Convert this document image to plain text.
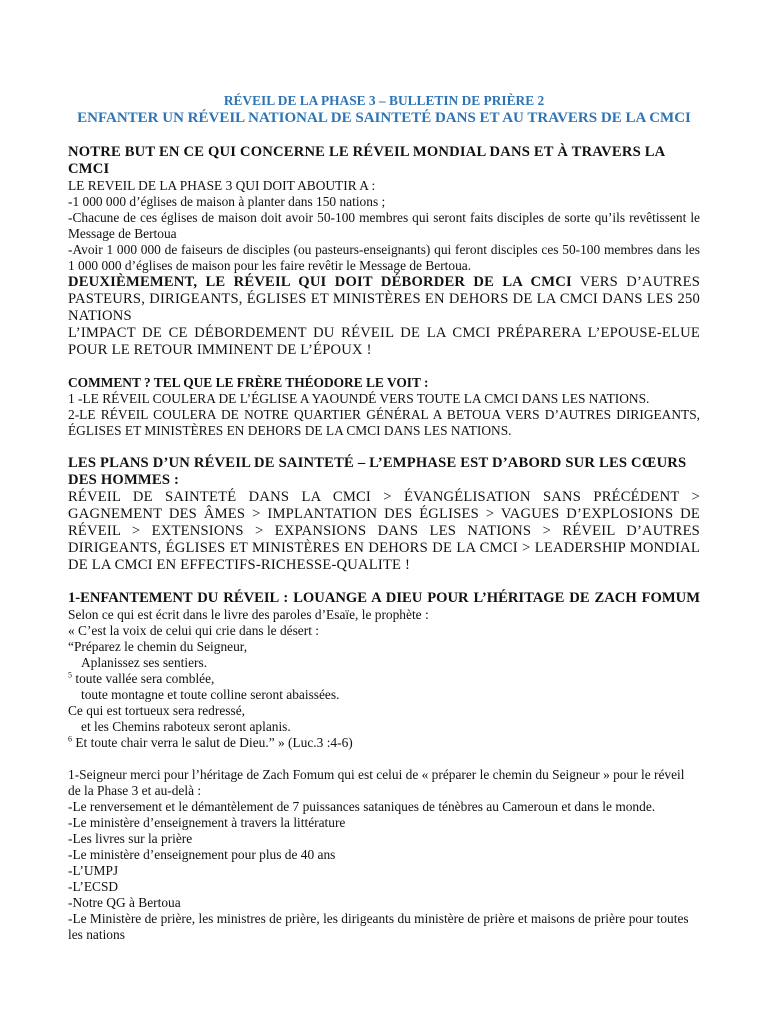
RÉVEIL DE LA PHASE 3 – BULLETIN DE PRIÈRE 2

ENFANTER UN RÉVEIL NATIONAL DE SAINTETÉ DANS ET AU TRAVERS DE LA CMCI

NOTRE BUT EN CE QUI CONCERNE LE RÉVEIL MONDIAL DANS ET À TRAVERS LA CMCI

LE REVEIL DE LA PHASE 3 QUI DOIT ABOUTIR A :

-1 000 000 d’églises de maison à planter dans 150 nations ;

-Chacune de ces églises de maison doit avoir 50-100 membres qui seront faits disciples de sorte qu’ils revêtissent le Message de Bertoua

-Avoir 1 000 000 de faiseurs de disciples (ou pasteurs-enseignants) qui feront disciples ces 50-100 membres dans les 1 000 000 d’églises de maison pour les faire revêtir le Message de Bertoua.

DEUXIÈMEMENT, LE RÉVEIL QUI DOIT DÉBORDER DE LA CMCI VERS D’AUTRES PASTEURS, DIRIGEANTS, ÉGLISES ET MINISTÈRES EN DEHORS DE LA CMCI DANS LES 250 NATIONS

L’IMPACT DE CE DÉBORDEMENT DU RÉVEIL DE LA CMCI PRÉPARERA L’EPOUSE-ELUE POUR LE RETOUR IMMINENT DE L’ÉPOUX !

COMMENT ? TEL QUE LE FRÈRE THÉODORE LE VOIT :

1 -LE RÉVEIL COULERA DE L’ÉGLISE A YAOUNDÉ VERS TOUTE LA CMCI DANS LES NATIONS.

2-LE RÉVEIL COULERA DE NOTRE QUARTIER GÉNÉRAL A BETOUA VERS D’AUTRES DIRIGEANTS, ÉGLISES ET MINISTÈRES EN DEHORS DE LA CMCI DANS LES NATIONS.

LES PLANS D’UN RÉVEIL DE SAINTETÉ – L’EMPHASE EST D’ABORD SUR LES CŒURS DES HOMMES :

RÉVEIL DE SAINTETÉ DANS LA CMCI > ÉVANGÉLISATION SANS PRÉCÉDENT > GAGNEMENT DES ÂMES > IMPLANTATION DES ÉGLISES > VAGUES D’EXPLOSIONS DE RÉVEIL > EXTENSIONS > EXPANSIONS DANS LES NATIONS > RÉVEIL D’AUTRES DIRIGEANTS, ÉGLISES ET MINISTÈRES EN DEHORS DE LA CMCI > LEADERSHIP MONDIAL DE LA CMCI EN EFFECTIFS-RICHESSE-QUALITE !

1-ENFANTEMENT DU RÉVEIL : LOUANGE A DIEU POUR L’HÉRITAGE DE ZACH FOMUM

Selon ce qui est écrit dans le livre des paroles d’Esaïe, le prophète :

« C’est la voix de celui qui crie dans le désert :

“Préparez le chemin du Seigneur,

Aplanissez ses sentiers.

$^5$ toute vallée sera comblée,

toute montagne et toute colline seront abaissées.

Ce qui est tortueux sera redressé,

et les Chemins raboteux seront aplanis.

$^6$ Et toute chair verra le salut de Dieu.” » (Luc.3 :4-6)

1-Seigneur merci pour l’héritage de Zach Fomum qui est celui de « préparer le chemin du Seigneur » pour le réveil de la Phase 3 et au-delà :

-Le renversement et le démantèlement de 7 puissances sataniques de ténèbres au Cameroun et dans le monde.

-Le ministère d’enseignement à travers la littérature

-Les livres sur la prière

-Le ministère d’enseignement pour plus de 40 ans

-L’UMPJ

-L’ECSD

-Notre QG à Bertoua

-Le Ministère de prière, les ministres de prière, les dirigeants du ministère de prière et maisons de prière pour toutes les nations
